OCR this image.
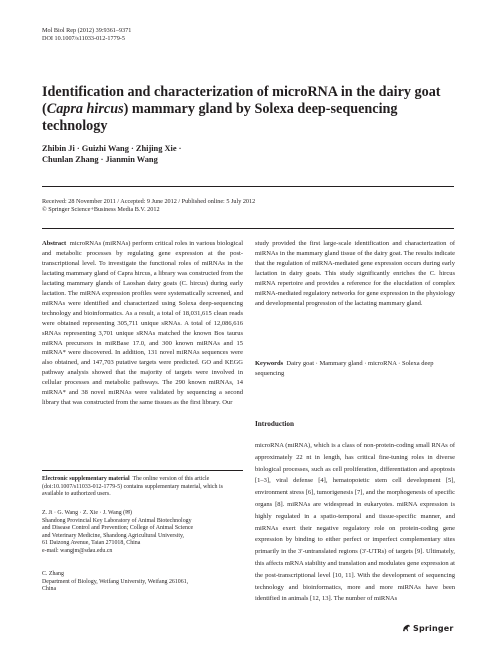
Mol Biol Rep (2012) 39:9361–9371
DOI 10.1007/s11033-012-1779-5
Identification and characterization of microRNA in the dairy goat (Capra hircus) mammary gland by Solexa deep-sequencing technology
Zhibin Ji · Guizhi Wang · Zhijing Xie ·
Chunlan Zhang · Jianmin Wang
Received: 28 November 2011 / Accepted: 9 June 2012 / Published online: 5 July 2012
© Springer Science+Business Media B.V. 2012

Abstract microRNAs (miRNAs) perform critical roles in various biological and metabolic processes by regulating gene expression at the post-transcriptional level. To investigate the functional roles of miRNAs in the lactating mammary gland of Capra hircus, a library was constructed from the lactating mammary glands of Laoshan dairy goats (C. hircus) during early lactation. The miRNA expression profiles were systematically screened, and miRNAs were identified and characterized using Solexa deep-sequencing technology and bioinformatics. As a result, a total of 18,031,615 clean reads were obtained representing 305,711 unique sRNAs. A total of 12,086,616 sRNAs representing 3,701 unique sRNAs matched the known Bos taurus miRNA precursors in miRBase 17.0, and 300 known miRNAs and 15 miRNA* were discovered. In addition, 131 novel miRNAs sequences were also obtained, and 147,703 putative targets were predicted. GO and KEGG pathway analysis showed that the majority of targets were involved in cellular processes and metabolic pathways. The 290 known miRNAs, 14 miRNA* and 38 novel miRNAs were validated by sequencing a second library that was constructed from the same tissues as the first library. Our

study provided the first large-scale identification and characterization of miRNAs in the mammary gland tissue of the dairy goat. The results indicate that the regulation of miRNA-mediated gene expression occurs during early lactation in dairy goats. This study significantly enriches the C. hircus miRNA repertoire and provides a reference for the elucidation of complex miRNA-mediated regulatory networks for gene expression in the physiology and developmental progression of the lactating mammary gland.

Keywords Dairy goat · Mammary gland · microRNA · Solexa deep sequencing
Introduction
microRNA (miRNA), which is a class of non-protein-coding small RNAs of approximately 22 nt in length, has critical fine-tuning roles in diverse biological processes, such as cell proliferation, differentiation and apoptosis [1–3], viral defense [4], hematopoietic stem cell development [5], environment stress [6], tumorigenesis [7], and the morphogenesis of specific organs [8]. miRNAs are widespread in eukaryotes. miRNA expression is highly regulated in a spatio-temporal and tissue-specific manner, and miRNAs exert their negative regulatory role on protein-coding gene expression by binding to either perfect or imperfect complementary sites primarily in the 3′-untranslated regions (3′-UTRs) of targets [9]. Ultimately, this affects mRNA stability and translation and modulates gene expression at the post-transcriptional level [10, 11]. With the development of sequencing technology and bioinformatics, more and more miRNAs have been identified in animals [12, 13]. The number of miRNAs
Electronic supplementary material The online version of this article (doi:10.1007/s11033-012-1779-5) contains supplementary material, which is available to authorized users.
Z. Ji · G. Wang · Z. Xie · J. Wang (✉)
Shandong Provincial Key Laboratory of Animal Biotechnology
and Disease Control and Prevention; College of Animal Science
and Veterinary Medicine, Shandong Agricultural University,
61 Daizong Avenue, Taian 271018, China
e-mail: wangjm@sdau.edu.cn
C. Zhang
Department of Biology, Weifang University, Weifang 261061,
China
Springer
